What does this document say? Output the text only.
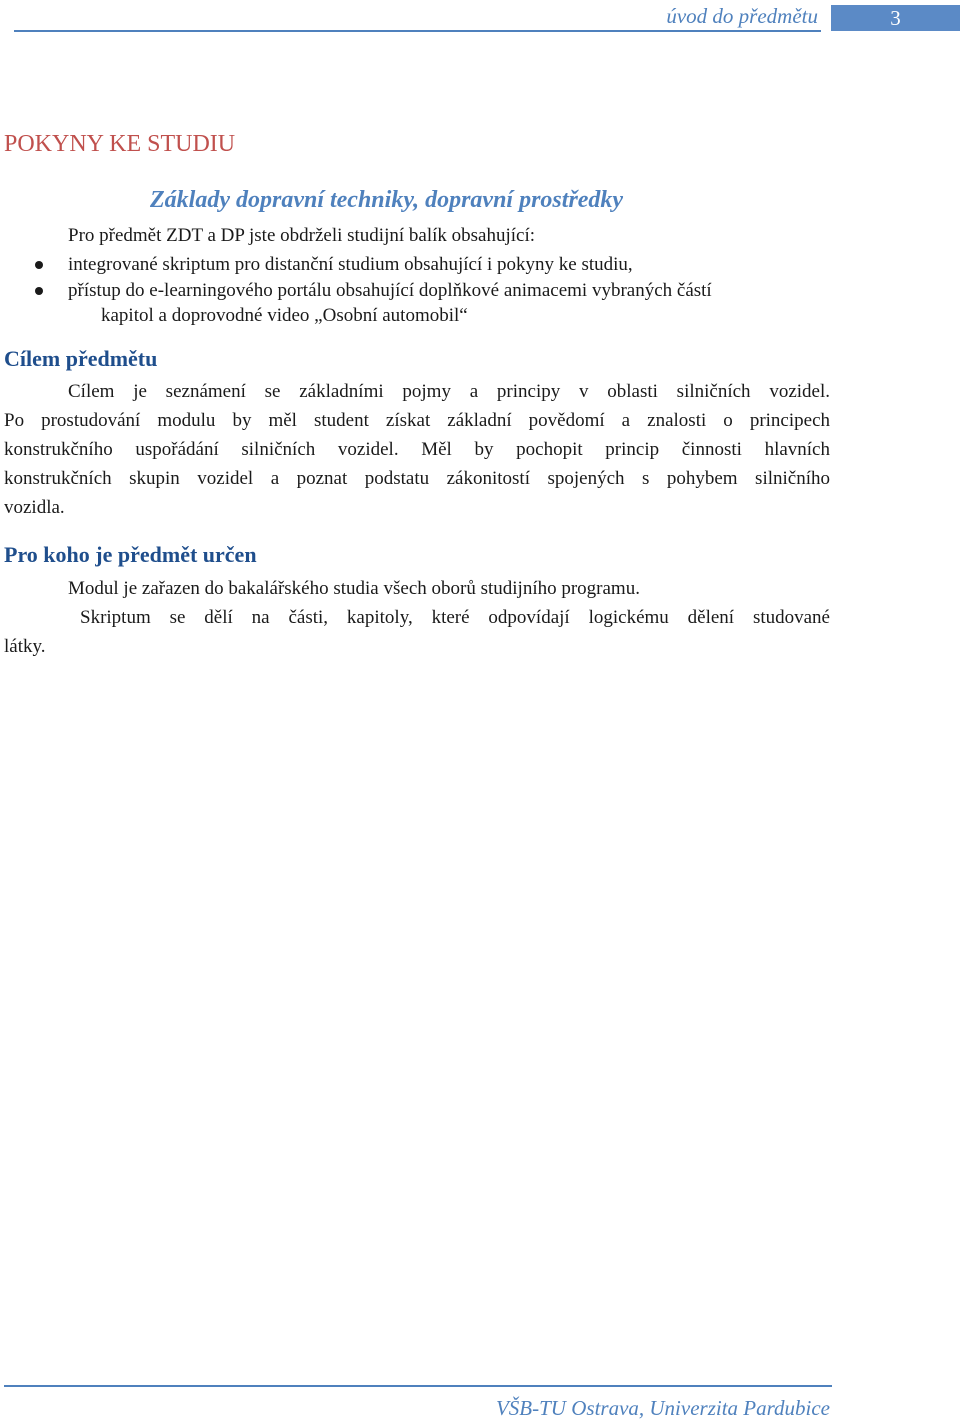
úvod do předmětu	3
POKYNY KE STUDIU
Základy dopravní techniky, dopravní prostředky
Pro předmět ZDT a DP jste obdrželi studijní balík obsahující:
integrované skriptum pro distanční studium obsahující i pokyny ke studiu,
přístup do e-learningového portálu obsahující doplňkové animacemi vybraných částí
kapitol a doprovodné video „Osobní automobil“
Cílem předmětu
Cílem je seznámení se základními pojmy a principy v oblasti silničních vozidel.
Po prostudování modulu by měl student získat základní povědomí a znalosti o principech
konstrukčního uspořádání silničních vozidel. Měl by pochopit princip činnosti hlavních
konstrukčních skupin vozidel a poznat podstatu zákonitostí spojených s pohybem silničního
vozidla.
Pro koho je předmět určen
Modul je zařazen do bakalářského studia všech oborů studijního programu.
Skriptum se dělí na části, kapitoly, které odpovídají logickému dělení studované
látky.
VŠB-TU Ostrava, Univerzita Pardubice
